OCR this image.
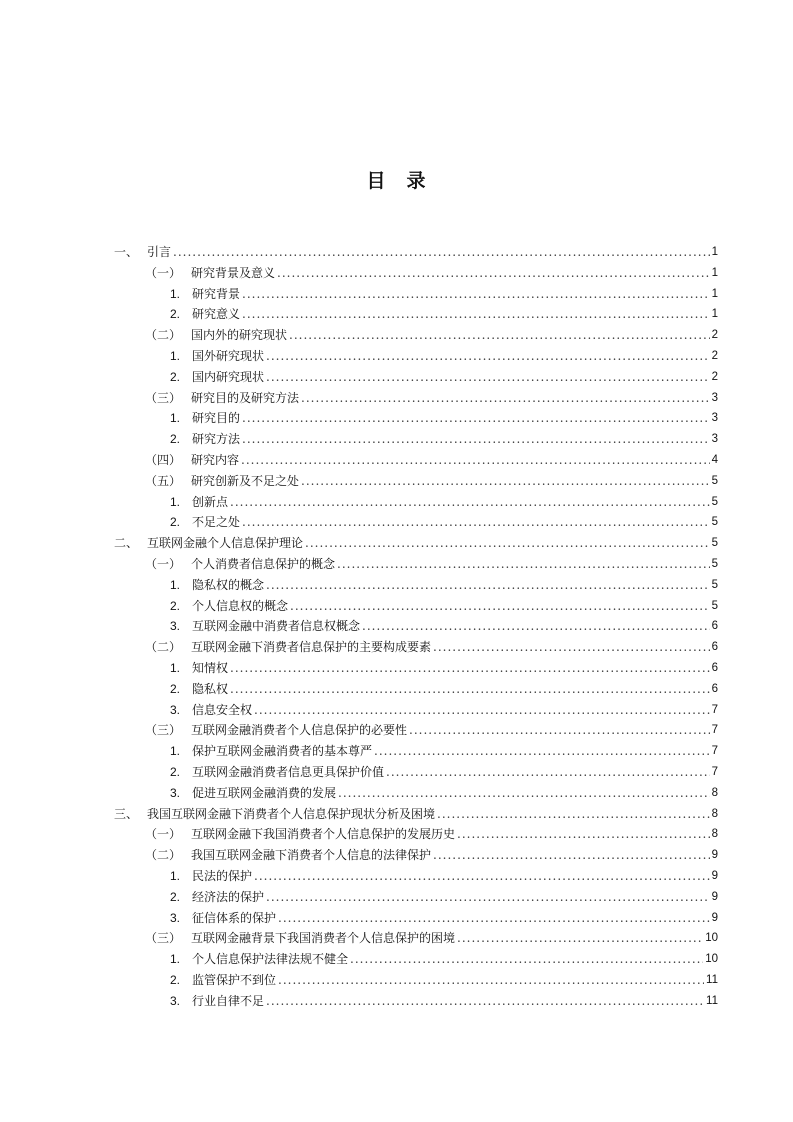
目　录
一、 引言 .....	1
（一） 研究背景及意义 .....	1
1. 研究背景 .....	1
2. 研究意义 .....	1
（二） 国内外的研究现状 .....	2
1. 国外研究现状 .....	2
2. 国内研究现状 .....	2
（三） 研究目的及研究方法 .....	3
1. 研究目的 .....	3
2. 研究方法 .....	3
（四） 研究内容 .....	4
（五） 研究创新及不足之处 .....	5
1. 创新点 .....	5
2. 不足之处 .....	5
二、 互联网金融个人信息保护理论 .....	5
（一） 个人消费者信息保护的概念 .....	5
1. 隐私权的概念 .....	5
2. 个人信息权的概念 .....	5
3. 互联网金融中消费者信息权概念 .....	6
（二） 互联网金融下消费者信息保护的主要构成要素 .....	6
1. 知情权 .....	6
2. 隐私权 .....	6
3. 信息安全权 .....	7
（三） 互联网金融消费者个人信息保护的必要性 .....	7
1. 保护互联网金融消费者的基本尊严 .....	7
2. 互联网金融消费者信息更具保护价值 .....	7
3. 促进互联网金融消费的发展 .....	8
三、 我国互联网金融下消费者个人信息保护现状分析及困境 .....	8
（一） 互联网金融下我国消费者个人信息保护的发展历史 .....	8
（二） 我国互联网金融下消费者个人信息的法律保护 .....	9
1. 民法的保护 .....	9
2. 经济法的保护 .....	9
3. 征信体系的保护 .....	9
（三） 互联网金融背景下我国消费者个人信息保护的困境 .....	10
1. 个人信息保护法律法规不健全 .....	10
2. 监管保护不到位 .....	11
3. 行业自律不足 .....	11
